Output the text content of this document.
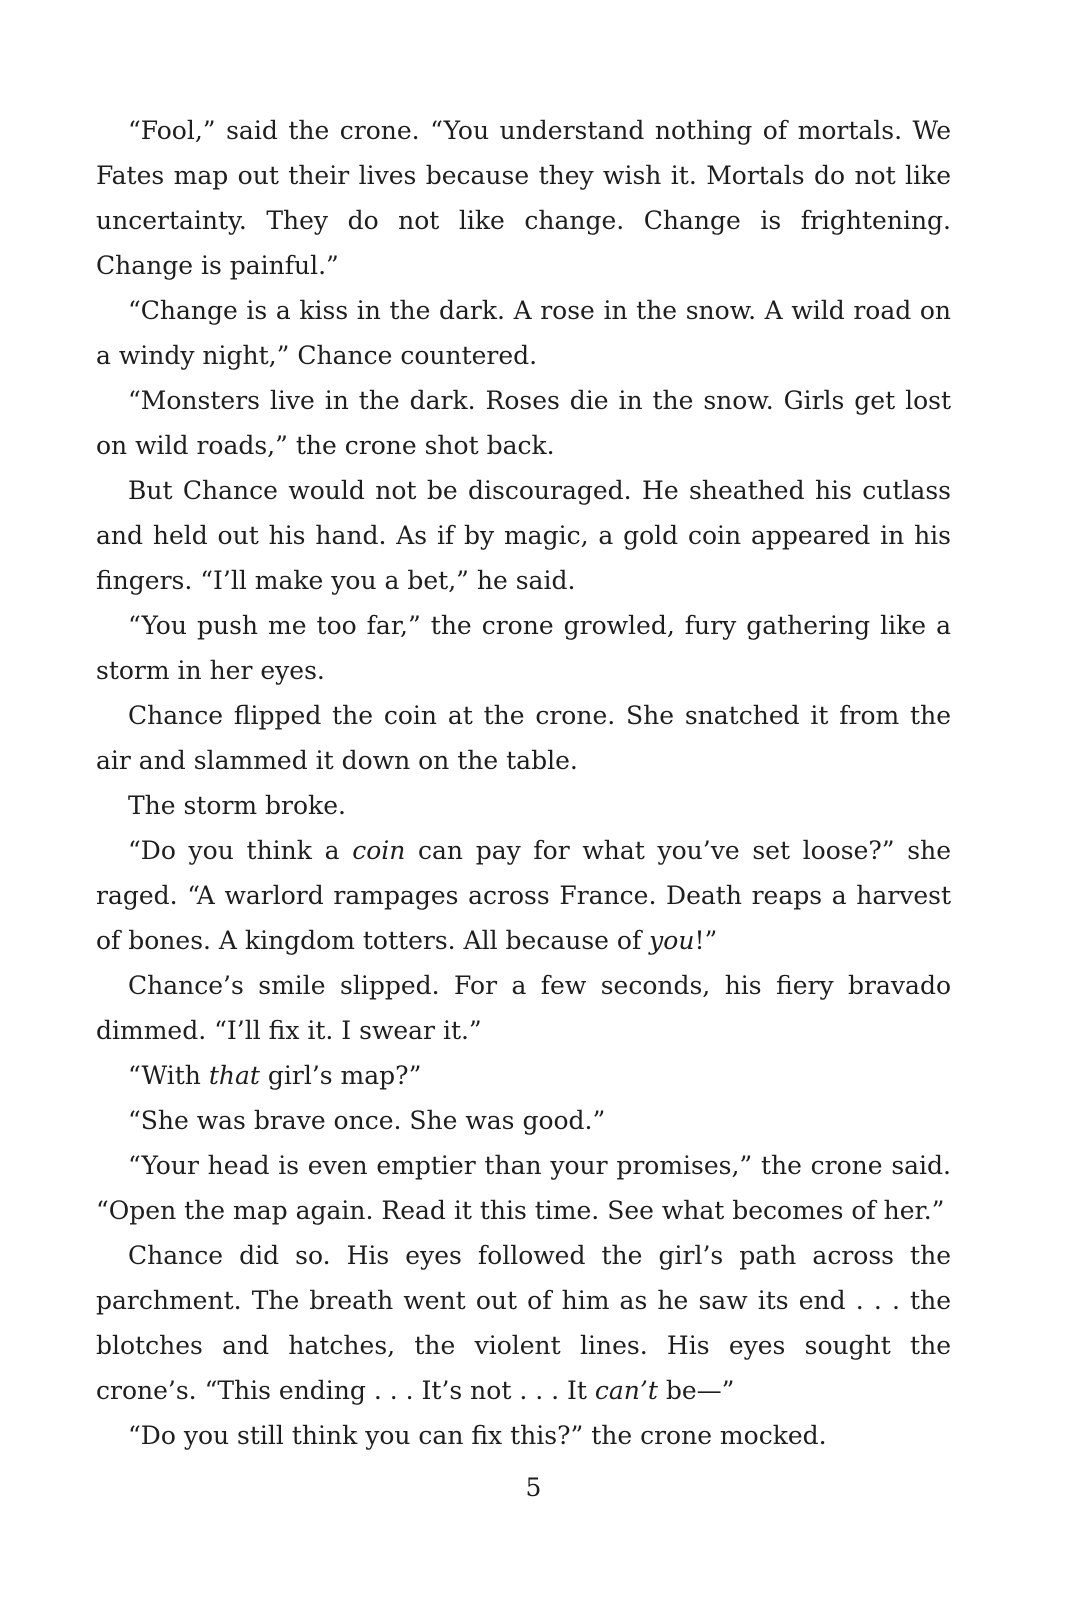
“Fool,” said the crone. “You understand nothing of mortals. We Fates map out their lives because they wish it. Mortals do not like uncertainty. They do not like change. Change is frightening. Change is painful.”

“Change is a kiss in the dark. A rose in the snow. A wild road on a windy night,” Chance countered.

“Monsters live in the dark. Roses die in the snow. Girls get lost on wild roads,” the crone shot back.

But Chance would not be discouraged. He sheathed his cutlass and held out his hand. As if by magic, a gold coin appeared in his fingers. “I’ll make you a bet,” he said.

“You push me too far,” the crone growled, fury gathering like a storm in her eyes.

Chance flipped the coin at the crone. She snatched it from the air and slammed it down on the table.

The storm broke.

“Do you think a coin can pay for what you’ve set loose?” she raged. “A warlord rampages across France. Death reaps a harvest of bones. A kingdom totters. All because of you!”

Chance’s smile slipped. For a few seconds, his fiery bravado dimmed. “I’ll fix it. I swear it.”

“With that girl’s map?”

“She was brave once. She was good.”

“Your head is even emptier than your promises,” the crone said. “Open the map again. Read it this time. See what becomes of her.”

Chance did so. His eyes followed the girl’s path across the parchment. The breath went out of him as he saw its end . . . the blotches and hatches, the violent lines. His eyes sought the crone’s. “This ending . . . It’s not . . . It can’t be—”

“Do you still think you can fix this?” the crone mocked.

5
